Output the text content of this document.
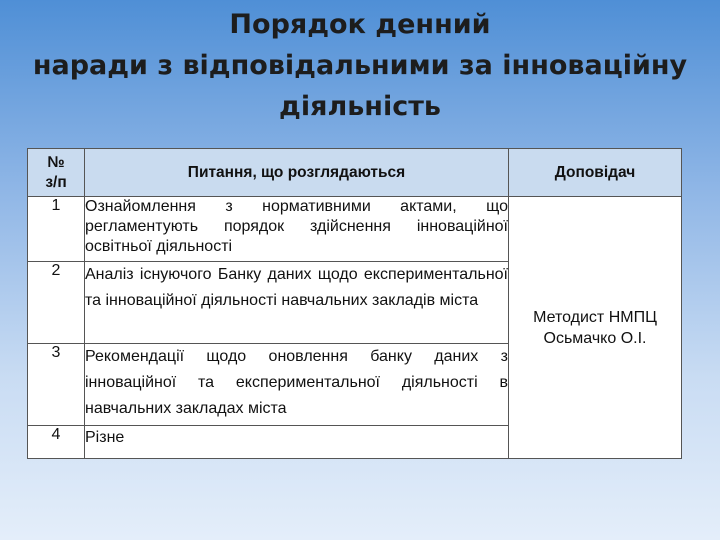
Порядок денний
наради з відповідальними за інноваційну
діяльність
№
з/п	Питання, що розглядаються	Доповідач
1	Ознайомлення з нормативними актами, що регламентують порядок здійснення інноваційної освітньої діяльності	Методист НМПЦ
Осьмачко О.І.
2	Аналіз існуючого Банку даних щодо експериментальної та інноваційної діяльності навчальних закладів міста	
3	Рекомендації щодо оновлення банку даних з інноваційної та експериментальної діяльності в навчальних закладах міста	
4	Різне	
